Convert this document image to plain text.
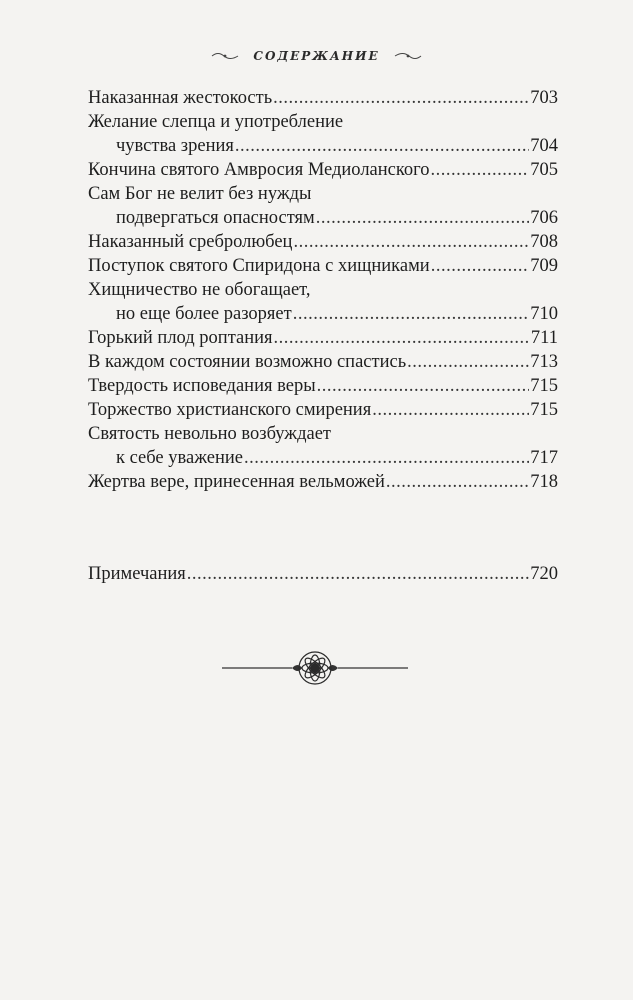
СОДЕРЖАНИЕ
Наказанная жестокость .....	703
Желание слепца и употребление
чувства зрения .....	704
Кончина святого Амвросия Медиоланского .....	705
Сам Бог не велит без нужды
подвергаться опасностям .....	706
Наказанный сребролюбец .....	708
Поступок святого Спиридона с хищниками .....	709
Хищничество не обогащает,
но еще более разоряет .....	710
Горький плод роптания .....	711
В каждом состоянии возможно спастись .....	713
Твердость исповедания веры .....	715
Торжество христианского смирения .....	715
Святость невольно возбуждает
к себе уважение .....	717
Жертва вере, принесенная вельможей .....	718
Примечания .....	720
